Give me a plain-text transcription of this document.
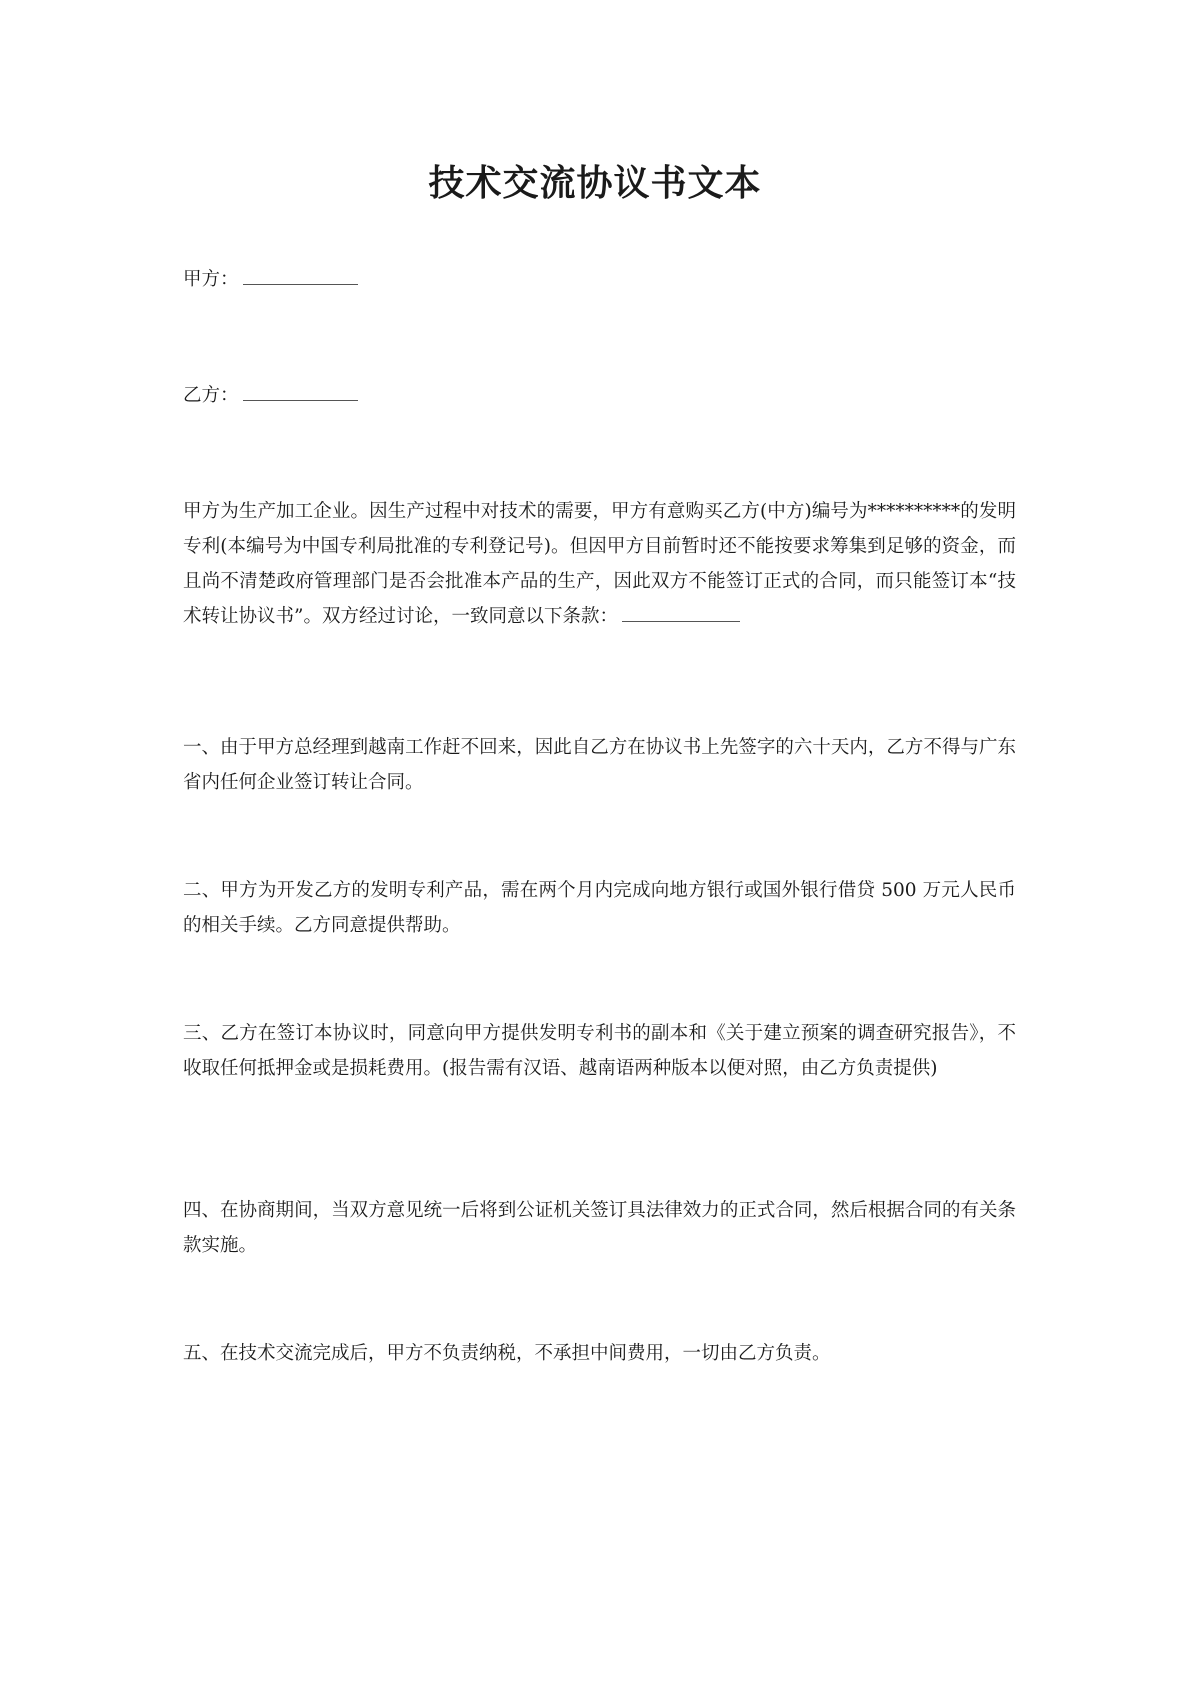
技术交流协议书文本
甲方：
乙方：
甲方为生产加工企业。因生产过程中对技术的需要，甲方有意购买乙方(中方)编号为**********的发明专利(本编号为中国专利局批准的专利登记号)。但因甲方目前暂时还不能按要求筹集到足够的资金，而且尚不清楚政府管理部门是否会批准本产品的生产，因此双方不能签订正式的合同，而只能签订本“技术转让协议书”。双方经过讨论，一致同意以下条款：
一、由于甲方总经理到越南工作赶不回来，因此自乙方在协议书上先签字的六十天内，乙方不得与广东省内任何企业签订转让合同。
二、甲方为开发乙方的发明专利产品，需在两个月内完成向地方银行或国外银行借贷 500 万元人民币的相关手续。乙方同意提供帮助。
三、乙方在签订本协议时，同意向甲方提供发明专利书的副本和《关于建立预案的调查研究报告》，不收取任何抵押金或是损耗费用。(报告需有汉语、越南语两种版本以便对照，由乙方负责提供)
四、在协商期间，当双方意见统一后将到公证机关签订具法律效力的正式合同，然后根据合同的有关条款实施。
五、在技术交流完成后，甲方不负责纳税，不承担中间费用，一切由乙方负责。
